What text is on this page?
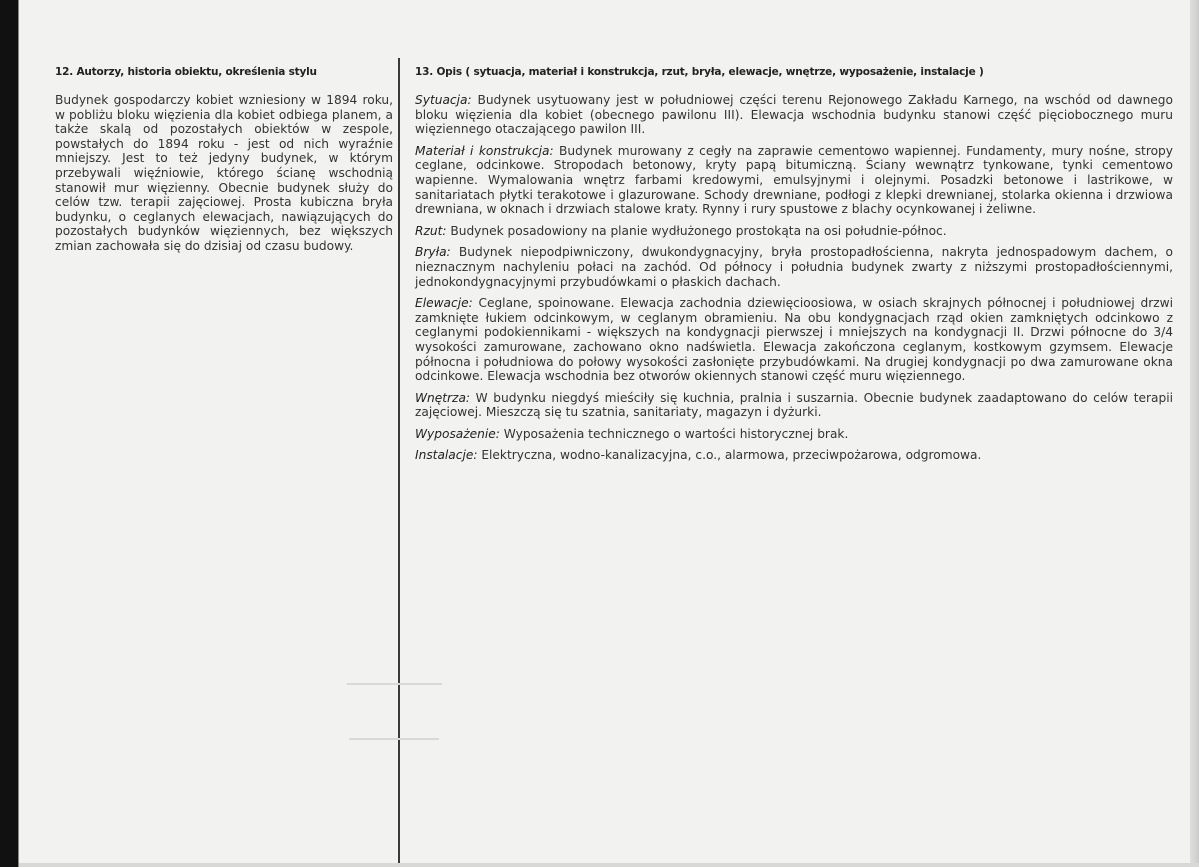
12. Autorzy, historia obiektu, określenia stylu

Budynek gospodarczy kobiet wzniesiony w 1894 roku, w pobliżu bloku więzienia dla kobiet odbiega planem, a także skalą od pozostałych obiektów w zespole, powstałych do 1894 roku - jest od nich wyraźnie mniejszy. Jest to też jedyny budynek, w którym przebywali więźniowie, którego ścianę wschodnią stanowił mur więzienny. Obecnie budynek służy do celów tzw. terapii zajęciowej. Prosta kubiczna bryła budynku, o ceglanych elewacjach, nawiązujących do pozostałych budynków więziennych, bez większych zmian zachowała się do dzisiaj od czasu budowy.

13. Opis ( sytuacja, materiał i konstrukcja, rzut, bryła, elewacje, wnętrze, wyposażenie, instalacje )

Sytuacja: Budynek usytuowany jest w południowej części terenu Rejonowego Zakładu Karnego, na wschód od dawnego bloku więzienia dla kobiet (obecnego pawilonu III). Elewacja wschodnia budynku stanowi część pięciobocznego muru więziennego otaczającego pawilon III.

Materiał i konstrukcja: Budynek murowany z cegły na zaprawie cementowo wapiennej. Fundamenty, mury nośne, stropy ceglane, odcinkowe. Stropodach betonowy, kryty papą bitumiczną. Ściany wewnątrz tynkowane, tynki cementowo wapienne. Wymalowania wnętrz farbami kredowymi, emulsyjnymi i olejnymi. Posadzki betonowe i lastrikowe, w sanitariatach płytki terakotowe i glazurowane. Schody drewniane, podłogi z klepki drewnianej, stolarka okienna i drzwiowa drewniana, w oknach i drzwiach stalowe kraty. Rynny i rury spustowe z blachy ocynkowanej i żeliwne.

Rzut: Budynek posadowiony na planie wydłużonego prostokąta na osi południe-północ.

Bryła: Budynek niepodpiwniczony, dwukondygnacyjny, bryła prostopadłościenna, nakryta jednospadowym dachem, o nieznacznym nachyleniu połaci na zachód. Od północy i południa budynek zwarty z niższymi prostopadłościennymi, jednokondygnacyjnymi przybudówkami o płaskich dachach.

Elewacje: Ceglane, spoinowane. Elewacja zachodnia dziewięcioosiowa, w osiach skrajnych północnej i południowej drzwi zamknięte łukiem odcinkowym, w ceglanym obramieniu. Na obu kondygnacjach rząd okien zamkniętych odcinkowo z ceglanymi podokiennikami - większych na kondygnacji pierwszej i mniejszych na kondygnacji II. Drzwi północne do 3/4 wysokości zamurowane, zachowano okno nadświetla. Elewacja zakończona ceglanym, kostkowym gzymsem. Elewacje północna i południowa do połowy wysokości zasłonięte przybudówkami. Na drugiej kondygnacji po dwa zamurowane okna odcinkowe. Elewacja wschodnia bez otworów okiennych stanowi część muru więziennego.

Wnętrza: W budynku niegdyś mieściły się kuchnia, pralnia i suszarnia. Obecnie budynek zaadaptowano do celów terapii zajęciowej. Mieszczą się tu szatnia, sanitariaty, magazyn i dyżurki.

Wyposażenie: Wyposażenia technicznego o wartości historycznej brak.

Instalacje: Elektryczna, wodno-kanalizacyjna, c.o., alarmowa, przeciwpożarowa, odgromowa.
